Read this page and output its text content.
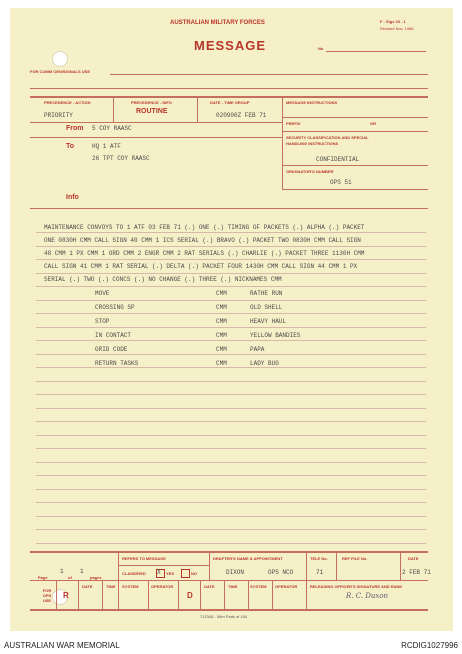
AUSTRALIAN MILITARY FORCES
MESSAGE
F - Sigs 33 - 1
Revised Nov, 1968
No
FOR COMM CEN/SIGNALS USE
PRECEDENCE - ACTION
PRIORITY
PRECEDENCE - INFO
ROUTINE
DATE - TIME GROUP
020900Z FEB 71
MESSAGE INSTRUCTIONS
PREFIX	GR
SECURITY CLASSIFICATION AND SPECIAL
HANDLING INSTRUCTIONS
CONFIDENTIAL
ORIGINATOR'S NUMBER
OPS 51
From 5 COY RAASC
To	HQ 1 ATF
26 TPT COY RAASC
Info
MAINTENANCE CONVOYS TO 1 ATF 03 FEB 71 (.) ONE (.) TIMING OF PACKETS (.) ALPHA (.) PACKET
ONE 0830H CMM CALL SIGN 40 CMM 1 ICS SERIAL (.) BRAVO (.) PACKET TWO 0830H CMM CALL SIGN
48 CMM 1 PX CMM 1 ORD CMM 2 ENGR CMM 2 RAT SERIALS (.) CHARLIE (.) PACKET THREE 1130H CMM
CALL SIGN 41 CMM 1 RAT SERIAL (.) DELTA (.) PACKET FOUR 1430H CMM CALL SIGN 44 CMM 1 PX
SERIAL (.) TWO (.) CONCS (.) NO CHANGE (.) THREE (.) NICKNAMES CMM
MOVE	CMM	RATHE RUN
CROSSING SP	CMM	OLD SHELL
STOP	CMM	HEAVY HAUL
IN CONTACT	CMM	YELLOW BANDIES
GRID CODE	CMM	PAPA
RETURN TASKS	CMM	LADY BUG
Page
1
of
1
pages
REFERS TO MESSAGE
CLASSIFIED X YES	NO
DRAFTER'S NAME & APPOINTMENT
DIXON	OPS NCO
TELE No.
71
REF FILE No.	DATE
2 FEB 71
FOR OPS USE
R
DATE	TIME SYSTEM	OPERATOR
D
DATE	TIME	SYSTEM OPERATOR	RELEASING OFFICER'S SIGNATURE AND RANK
R. C. Duxon
712345 - 08m Pads of 100
AUSTRALIAN WAR MEMORIAL	RCDIG1027996
